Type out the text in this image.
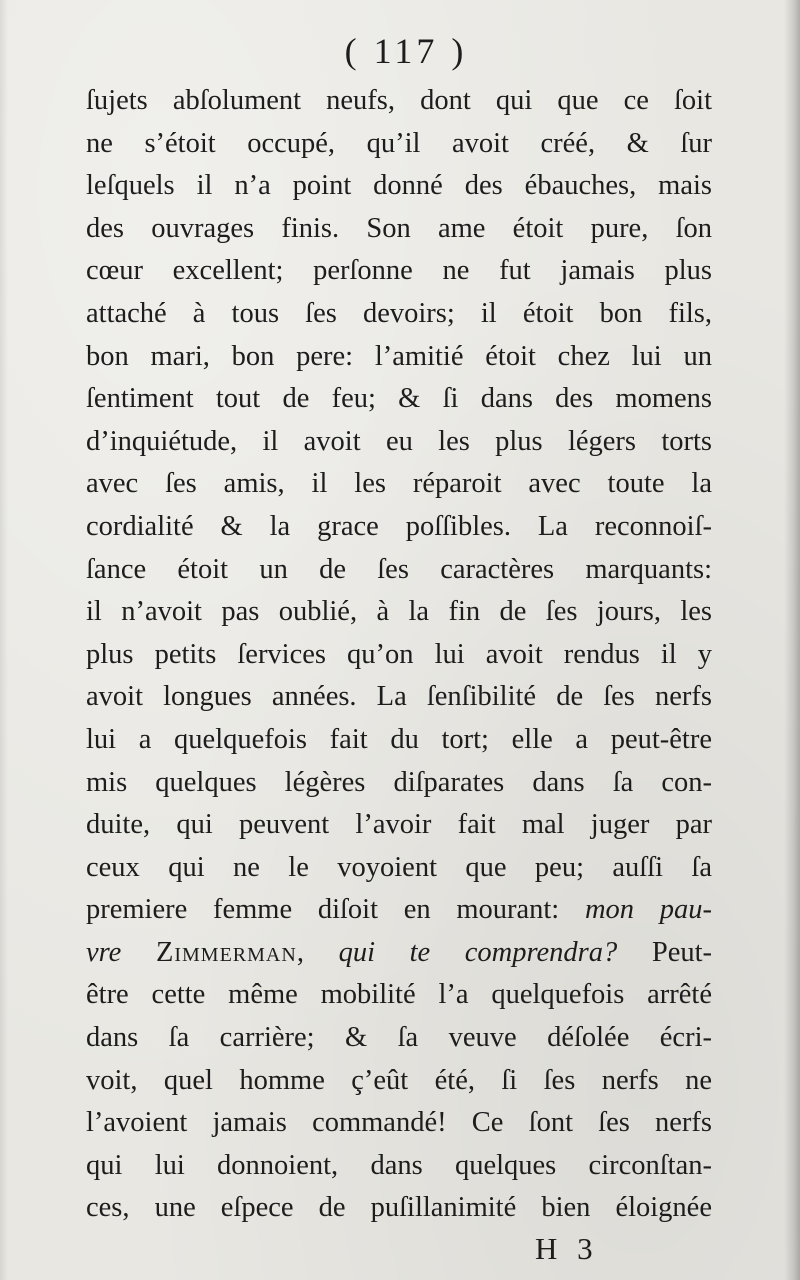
( 117 )
ſujets abſolument neufs, dont qui que ce ſoit
ne s’étoit occupé, qu’il avoit créé, & ſur
leſquels il n’a point donné des ébauches, mais
des ouvrages finis. Son ame étoit pure, ſon
cœur excellent; perſonne ne fut jamais plus
attaché à tous ſes devoirs; il étoit bon fils,
bon mari, bon pere: l’amitié étoit chez lui un
ſentiment tout de feu; & ſi dans des momens
d’inquiétude, il avoit eu les plus légers torts
avec ſes amis, il les réparoit avec toute la
cordialité & la grace poſſibles. La reconnoiſ-
ſance étoit un de ſes caractères marquants:
il n’avoit pas oublié, à la fin de ſes jours, les
plus petits ſervices qu’on lui avoit rendus il y
avoit longues années. La ſenſibilité de ſes nerfs
lui a quelquefois fait du tort; elle a peut-être
mis quelques légères diſparates dans ſa con-
duite, qui peuvent l’avoir fait mal juger par
ceux qui ne le voyoient que peu; auſſi ſa
premiere femme diſoit en mourant: mon pau-
vre Zimmerman, qui te comprendra? Peut-
être cette même mobilité l’a quelquefois arrêté
dans ſa carrière; & ſa veuve déſolée écri-
voit, quel homme ç’eût été, ſi ſes nerfs ne
l’avoient jamais commandé! Ce ſont ſes nerfs
qui lui donnoient, dans quelques circonſtan-
ces, une eſpece de puſillanimité bien éloignée
H 3
